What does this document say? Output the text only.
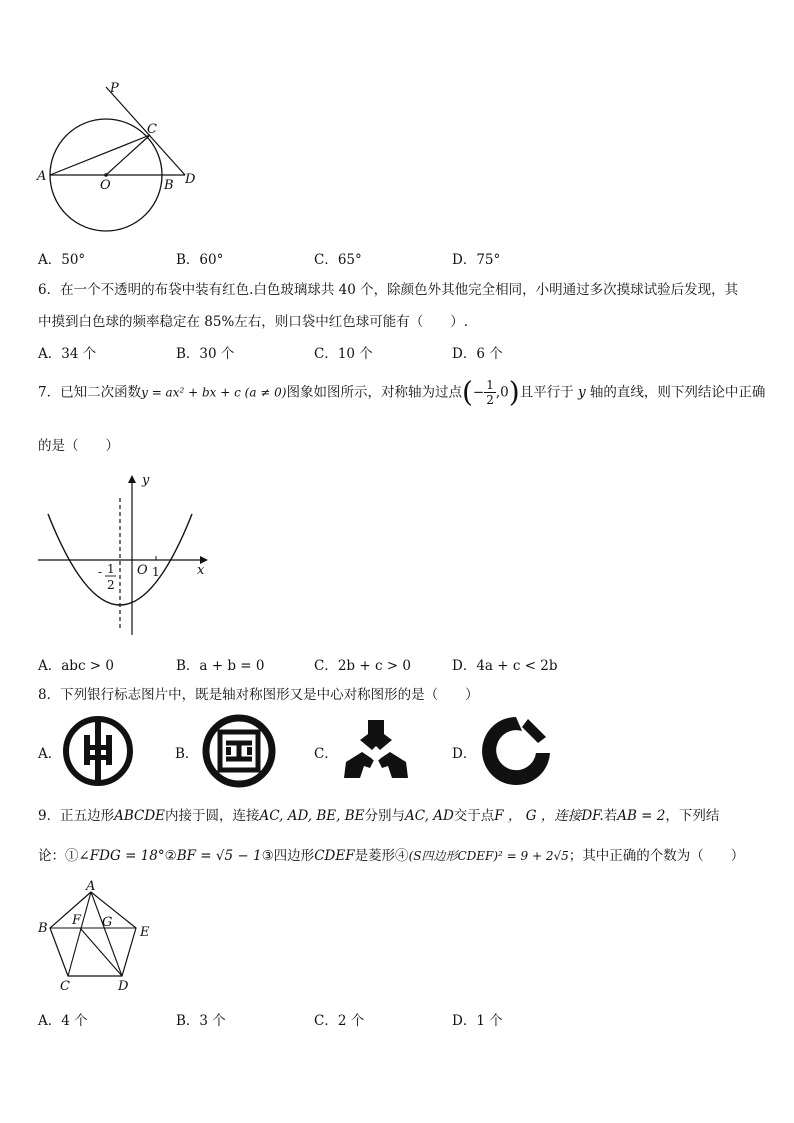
P
C
A
O	B D
A．50°	B．60°	C．65°	D．75°
6．在一个不透明的布袋中装有红色.白色玻璃球共 40 个，除颜色外其他完全相同，小明通过多次摸球试验后发现，其
中摸到白色球的频率稳定在 85%左右，则口袋中红色球可能有（　　）.
A．34 个	B．30 个	C．10 个	D．6 个
7．已知二次函数y = ax² + bx + c (a ≠ 0)图象如图所示，对称轴为过点(− $\frac{1}{2} ,0$)且平行于 y 轴的直线，则下列结论中正确
的是（　　）
y
x
O 1
- 1
2
A．abc > 0	B．a + b = 0	C．2b + c > 0	D．4a + c < 2b
8．下列银行标志图片中，既是轴对称图形又是中心对称图形的是（　　）
A．	B．	C．	D．
9．正五边形ABCDE内接于圆，连接AC, AD, BE, BE分别与AC, AD交于点F ， G ，连接DF.若AB = 2，下列结
论：①∠FDG = 18°②BF = √5 − 1③四边形CDEF是菱形④(S四边形CDEF)² = 9 + 2√5；其中正确的个数为（　　）
A
B	E
F G
C	D
A．4 个	B．3 个	C．2 个	D．1 个
